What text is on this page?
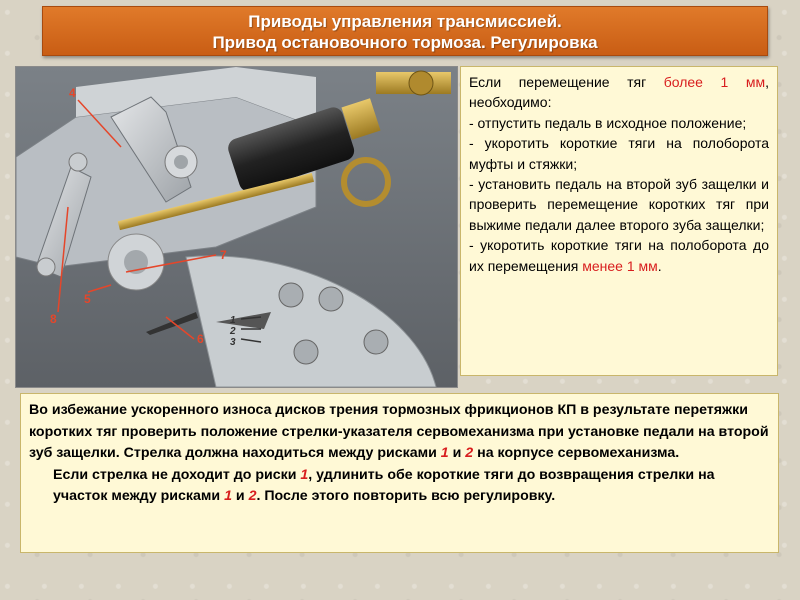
Приводы управления трансмиссией.
Привод остановочного тормоза. Регулировка
1
2
3
4
7
5
8
6

Если перемещение тяг более 1 мм, необходимо:

- отпустить педаль в исходное положение;

- укоротить короткие тяги на полоборота муфты и стяжки;

- установить педаль на второй зуб защелки и проверить перемещение коротких тяг при выжиме педали далее второго зуба защелки;

- укоротить короткие тяги на полоборота до их перемещения менее 1 мм.

Во избежание ускоренного износа дисков трения тормозных фрикционов КП в результате перетяжки коротких тяг проверить положение стрелки-указателя сервомеханизма при установке педали на второй зуб защелки. Стрелка должна находиться между рисками 1 и 2 на корпусе сервомеханизма.

Если стрелка не доходит до риски 1, удлинить обе короткие тяги до возвращения стрелки на участок между рисками 1 и 2. После этого повторить всю регулировку.
